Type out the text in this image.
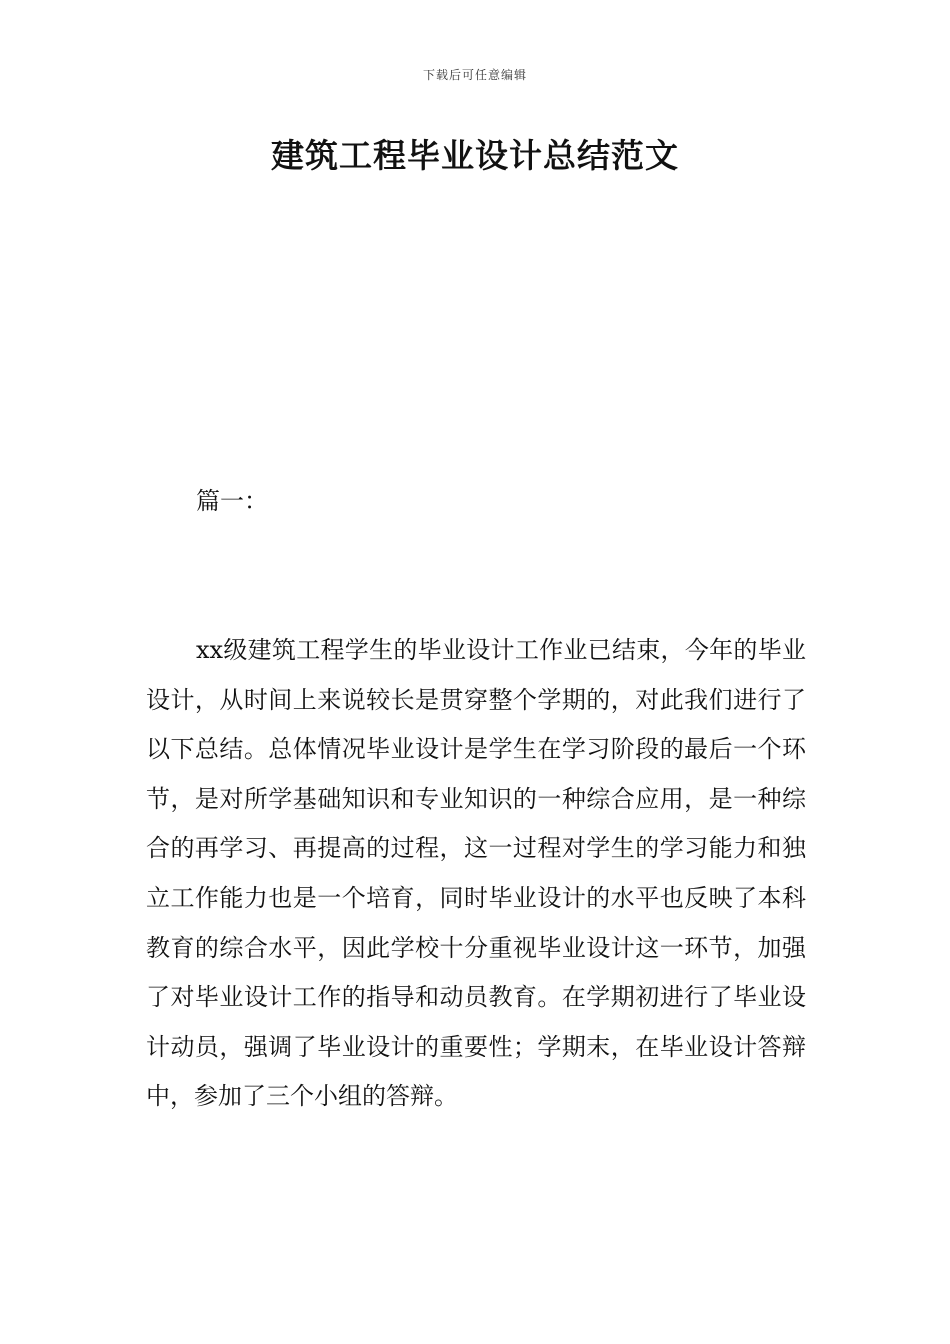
下载后可任意编辑
建筑工程毕业设计总结范文

篇一：

xx级建筑工程学生的毕业设计工作业已结束，今年的毕业设计，从时间上来说较长是贯穿整个学期的，对此我们进行了以下总结。总体情况毕业设计是学生在学习阶段的最后一个环节，是对所学基础知识和专业知识的一种综合应用，是一种综合的再学习、再提高的过程，这一过程对学生的学习能力和独立工作能力也是一个培育，同时毕业设计的水平也反映了本科教育的综合水平，因此学校十分重视毕业设计这一环节，加强了对毕业设计工作的指导和动员教育。在学期初进行了毕业设计动员，强调了毕业设计的重要性；学期末，在毕业设计答辩中，参加了三个小组的答辩。
